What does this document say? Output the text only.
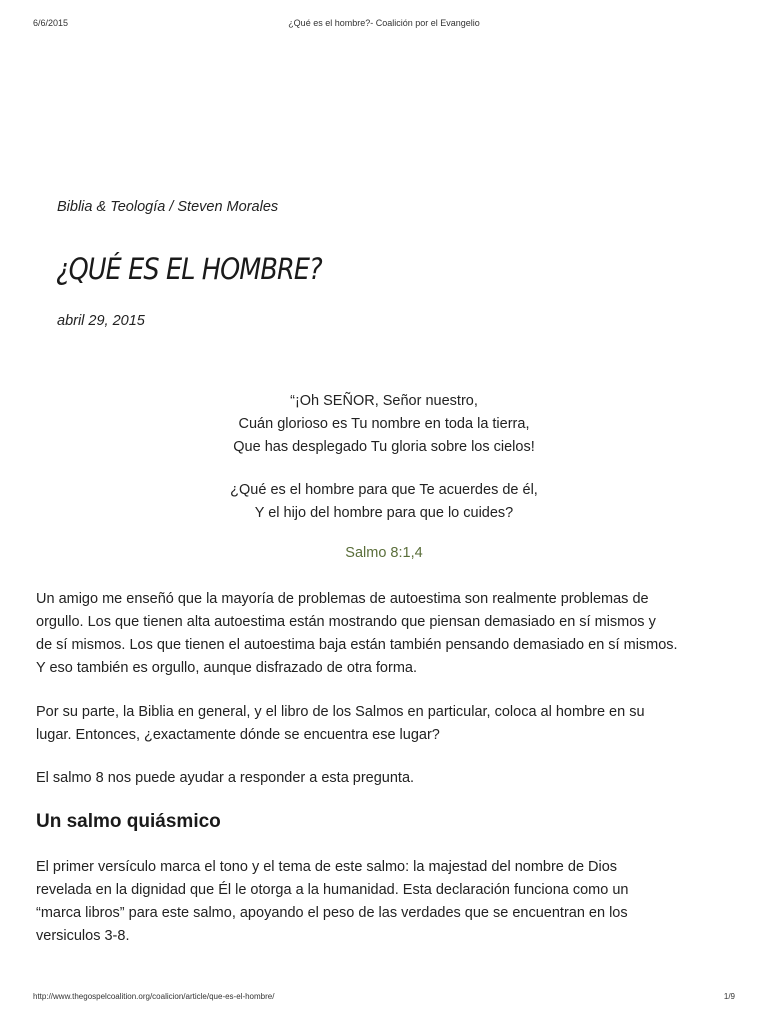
6/6/2015	¿Qué es el hombre?- Coalición por el Evangelio
Biblia & Teología / Steven Morales
¿QUÉ ES EL HOMBRE?
abril 29, 2015
“¡Oh SEÑOR, Señor nuestro,
Cuán glorioso es Tu nombre en toda la tierra,
Que has desplegado Tu gloria sobre los cielos!
¿Qué es el hombre para que Te acuerdes de él,
Y el hijo del hombre para que lo cuides?
Salmo 8:1,4

Un amigo me enseñó que la mayoría de problemas de autoestima son realmente problemas de
orgullo. Los que tienen alta autoestima están mostrando que piensan demasiado en sí mismos y
de sí mismos. Los que tienen el autoestima baja están también pensando demasiado en sí mismos.
Y eso también es orgullo, aunque disfrazado de otra forma.

Por su parte, la Biblia en general, y el libro de los Salmos en particular, coloca al hombre en su
lugar. Entonces, ¿exactamente dónde se encuentra ese lugar?

El salmo 8 nos puede ayudar a responder a esta pregunta.

Un salmo quiásmico

El primer versículo marca el tono y el tema de este salmo: la majestad del nombre de Dios
revelada en la dignidad que Él le otorga a la humanidad. Esta declaración funciona como un
“marca libros” para este salmo, apoyando el peso de las verdades que se encuentran en los
versiculos 3-8.

http://www.thegospelcoalition.org/coalicion/article/que-es-el-hombre/	1/9
